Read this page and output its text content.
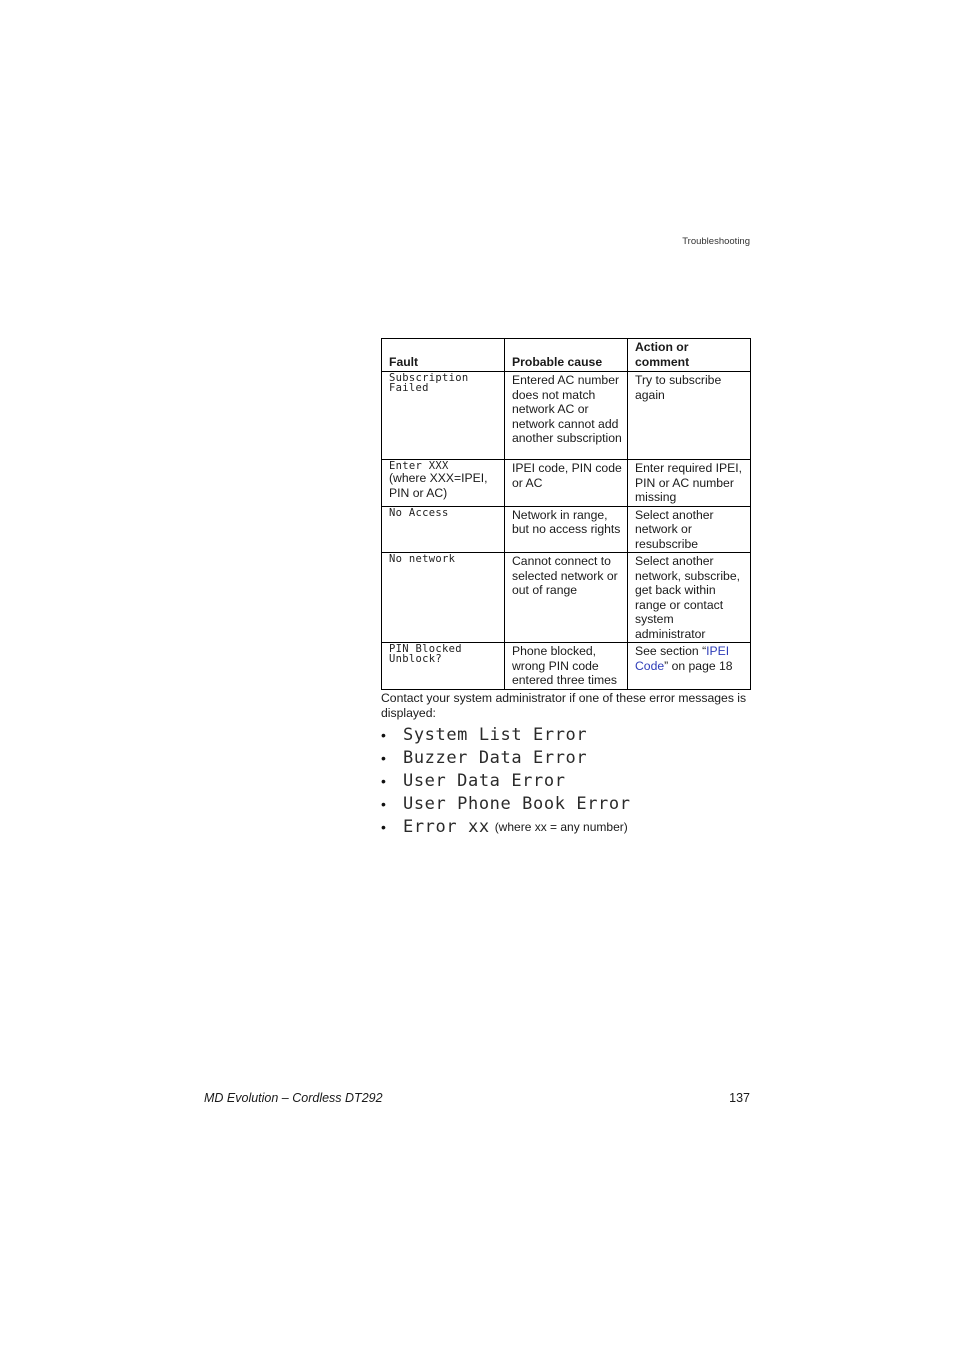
Troubleshooting
Fault	Probable cause	Action or comment

Subscription Failed	Entered AC number does not match network AC or network cannot add another subscription	Try to subscribe again

Enter XXX
(where XXX=IPEI, PIN or AC)	IPEI code, PIN code or AC	Enter required IPEI, PIN or AC number missing

No Access	Network in range, but no access rights	Select another network or resubscribe

No network	Cannot connect to selected network or out of range	Select another network, subscribe, get back within range or contact system administrator

PIN Blocked Unblock?	Phone blocked, wrong PIN code entered three times	See section “IPEI Code” on page 18

Contact your system administrator if one of these error messages is displayed:

•	System List Error
•	Buzzer Data Error
•	User Data Error
•	User Phone Book Error
•	Error xx (where xx = any number)
MD Evolution – Cordless DT292	137
